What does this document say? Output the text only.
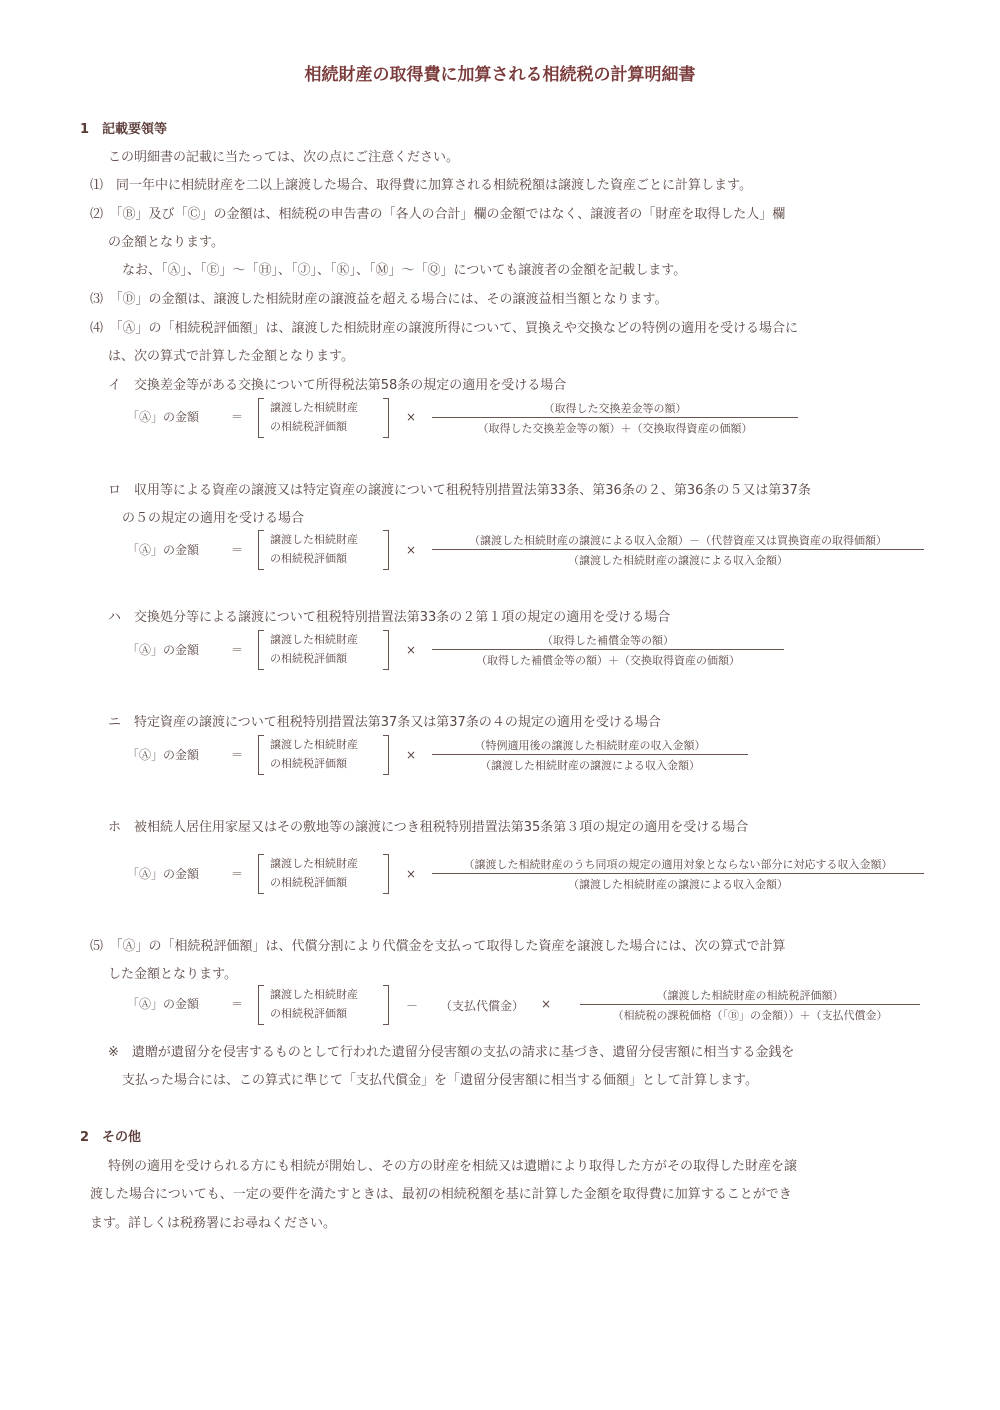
相続財産の取得費に加算される相続税の計算明細書
1　記載要領等
この明細書の記載に当たっては、次の点にご注意ください。
⑴　同一年中に相続財産を二以上譲渡した場合、取得費に加算される相続税額は譲渡した資産ごとに計算します。
⑵　「Ⓑ」及び「Ⓒ」の金額は、相続税の申告書の「各人の合計」欄の金額ではなく、譲渡者の「財産を取得した人」欄
の金額となります。
なお、「Ⓐ」、「Ⓔ」～「Ⓗ」、「Ⓙ」、「Ⓚ」、「Ⓜ」～「Ⓠ」についても譲渡者の金額を記載します。
⑶　「Ⓓ」の金額は、譲渡した相続財産の譲渡益を超える場合には、その譲渡益相当額となります。
⑷　「Ⓐ」の「相続税評価額」は、譲渡した相続財産の譲渡所得について、買換えや交換などの特例の適用を受ける場合に
は、次の算式で計算した金額となります。
イ　交換差金等がある交換について所得税法第58条の規定の適用を受ける場合
「Ⓐ」の金額	＝
譲渡した相続財産
の相続税評価額
×
（取得した交換差金等の額）
（取得した交換差金等の額）＋（交換取得資産の価額）
ロ　収用等による資産の譲渡又は特定資産の譲渡について租税特別措置法第33条、第36条の２、第36条の５又は第37条
の５の規定の適用を受ける場合
「Ⓐ」の金額	＝
譲渡した相続財産
の相続税評価額
×
（譲渡した相続財産の譲渡による収入金額）－（代替資産又は買換資産の取得価額）
（譲渡した相続財産の譲渡による収入金額）
ハ　交換処分等による譲渡について租税特別措置法第33条の２第１項の規定の適用を受ける場合
「Ⓐ」の金額	＝
譲渡した相続財産
の相続税評価額
×
（取得した補償金等の額）
（取得した補償金等の額）＋（交換取得資産の価額）
ニ　特定資産の譲渡について租税特別措置法第37条又は第37条の４の規定の適用を受ける場合
「Ⓐ」の金額	＝
譲渡した相続財産
の相続税評価額
×
（特例適用後の譲渡した相続財産の収入金額）
（譲渡した相続財産の譲渡による収入金額）
ホ　被相続人居住用家屋又はその敷地等の譲渡につき租税特別措置法第35条第３項の規定の適用を受ける場合
「Ⓐ」の金額	＝
譲渡した相続財産
の相続税評価額
×
（譲渡した相続財産のうち同項の規定の適用対象とならない部分に対応する収入金額）
（譲渡した相続財産の譲渡による収入金額）
⑸　「Ⓐ」の「相続税評価額」は、代償分割により代償金を支払って取得した資産を譲渡した場合には、次の算式で計算
した金額となります。
「Ⓐ」の金額	＝
譲渡した相続財産
の相続税評価額
－ （支払代償金） ×
（譲渡した相続財産の相続税評価額）
（相続税の課税価格（「Ⓑ」の金額））＋（支払代償金）
※　遺贈が遺留分を侵害するものとして行われた遺留分侵害額の支払の請求に基づき、遺留分侵害額に相当する金銭を
支払った場合には、この算式に準じて「支払代償金」を「遺留分侵害額に相当する価額」として計算します。
2　その他
特例の適用を受けられる方にも相続が開始し、その方の財産を相続又は遺贈により取得した方がその取得した財産を譲
渡した場合についても、一定の要件を満たすときは、最初の相続税額を基に計算した金額を取得費に加算することができ
ます。詳しくは税務署にお尋ねください。
